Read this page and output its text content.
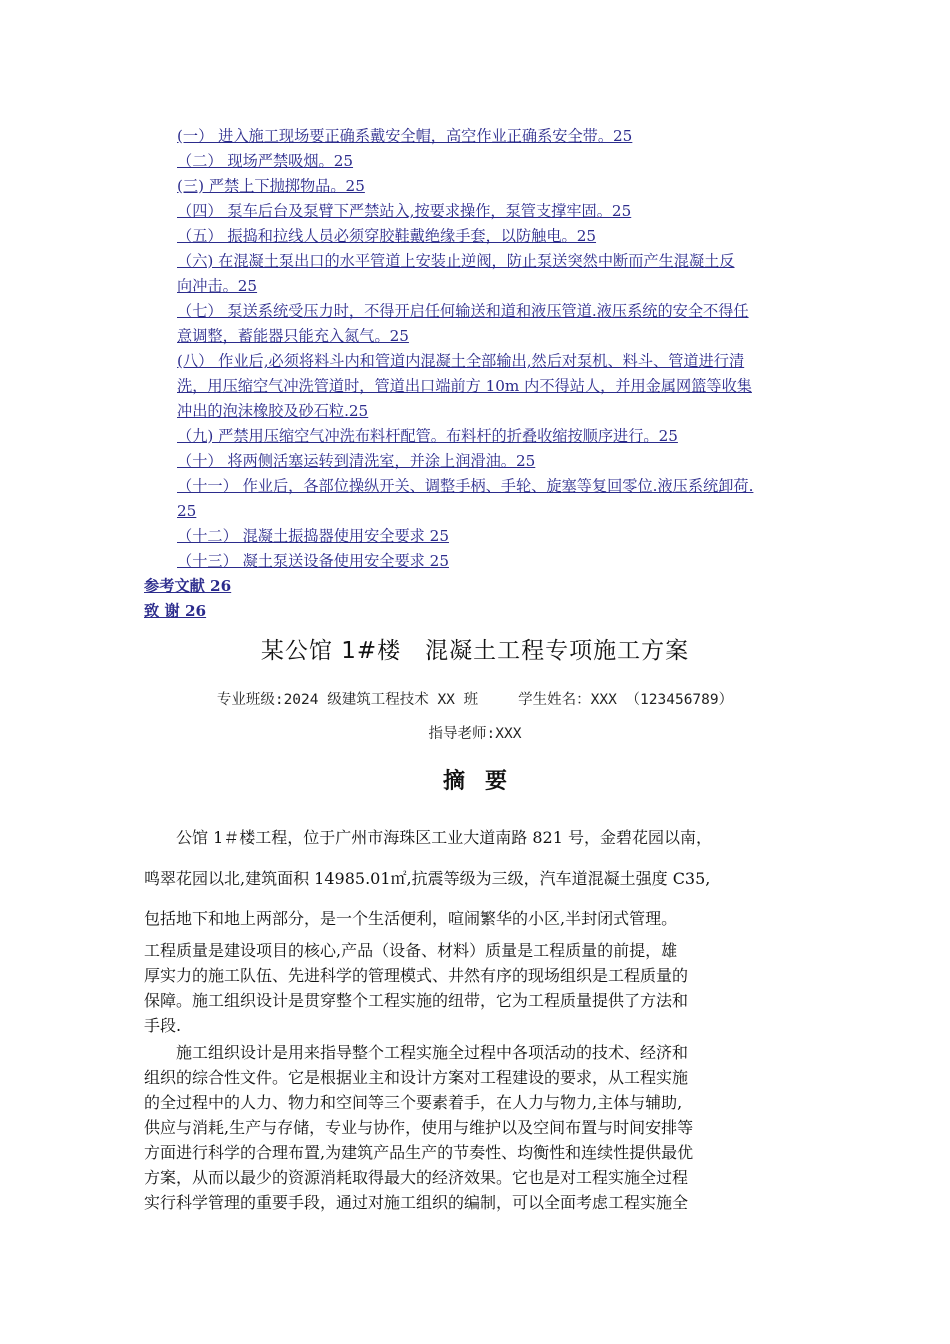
(一） 进入施工现场要正确系戴安全帽，高空作业正确系安全带。25
（二） 现场严禁吸烟。25
(三) 严禁上下抛掷物品。25
（四） 泵车后台及泵臂下严禁站入,按要求操作，泵管支撑牢固。25
（五） 振捣和拉线人员必须穿胶鞋戴绝缘手套，以防触电。25
（六) 在混凝土泵出口的水平管道上安装止逆阀，防止泵送突然中断而产生混凝土反
向冲击。25
（七） 泵送系统受压力时，不得开启任何输送和道和液压管道.液压系统的安全不得任
意调整，蓄能器只能充入氮气。25
(八） 作业后,必须将料斗内和管道内混凝土全部输出,然后对泵机、料斗、管道进行清
洗，用压缩空气冲洗管道时，管道出口端前方 10m 内不得站人，并用金属网篮等收集
冲出的泡沫橡胶及砂石粒.25
（九) 严禁用压缩空气冲洗布料杆配管。布料杆的折叠收缩按顺序进行。25
（十） 将两侧活塞运转到清洗室，并涂上润滑油。25
（十一） 作业后，各部位操纵开关、调整手柄、手轮、旋塞等复回零位.液压系统卸荷.
25
（十二） 混凝土振捣器使用安全要求 25
（十三） 凝土泵送设备使用安全要求 25
参考文献 26
致 谢 26
某公馆 1#楼　混凝土工程专项施工方案
专业班级:2024 级建筑工程技术 XX 班	学生姓名：XXX （123456789）
指导老师:XXX
摘要
　　公馆 1＃楼工程，位于广州市海珠区工业大道南路 821 号，金碧花园以南，
鸣翠花园以北,建筑面积 14985.01㎡,抗震等级为三级，汽车道混凝土强度 C35,
包括地下和地上两部分，是一个生活便利，喧闹繁华的小区,半封闭式管理。
工程质量是建设项目的核心,产品（设备、材料）质量是工程质量的前提，雄
厚实力的施工队伍、先进科学的管理模式、井然有序的现场组织是工程质量的
保障。施工组织设计是贯穿整个工程实施的纽带，它为工程质量提供了方法和
手段.
　　施工组织设计是用来指导整个工程实施全过程中各项活动的技术、经济和
组织的综合性文件。它是根据业主和设计方案对工程建设的要求，从工程实施
的全过程中的人力、物力和空间等三个要素着手，在人力与物力,主体与辅助,
供应与消耗,生产与存储，专业与协作，使用与维护以及空间布置与时间安排等
方面进行科学的合理布置,为建筑产品生产的节奏性、均衡性和连续性提供最优
方案，从而以最少的资源消耗取得最大的经济效果。它也是对工程实施全过程
实行科学管理的重要手段，通过对施工组织的编制，可以全面考虑工程实施全
